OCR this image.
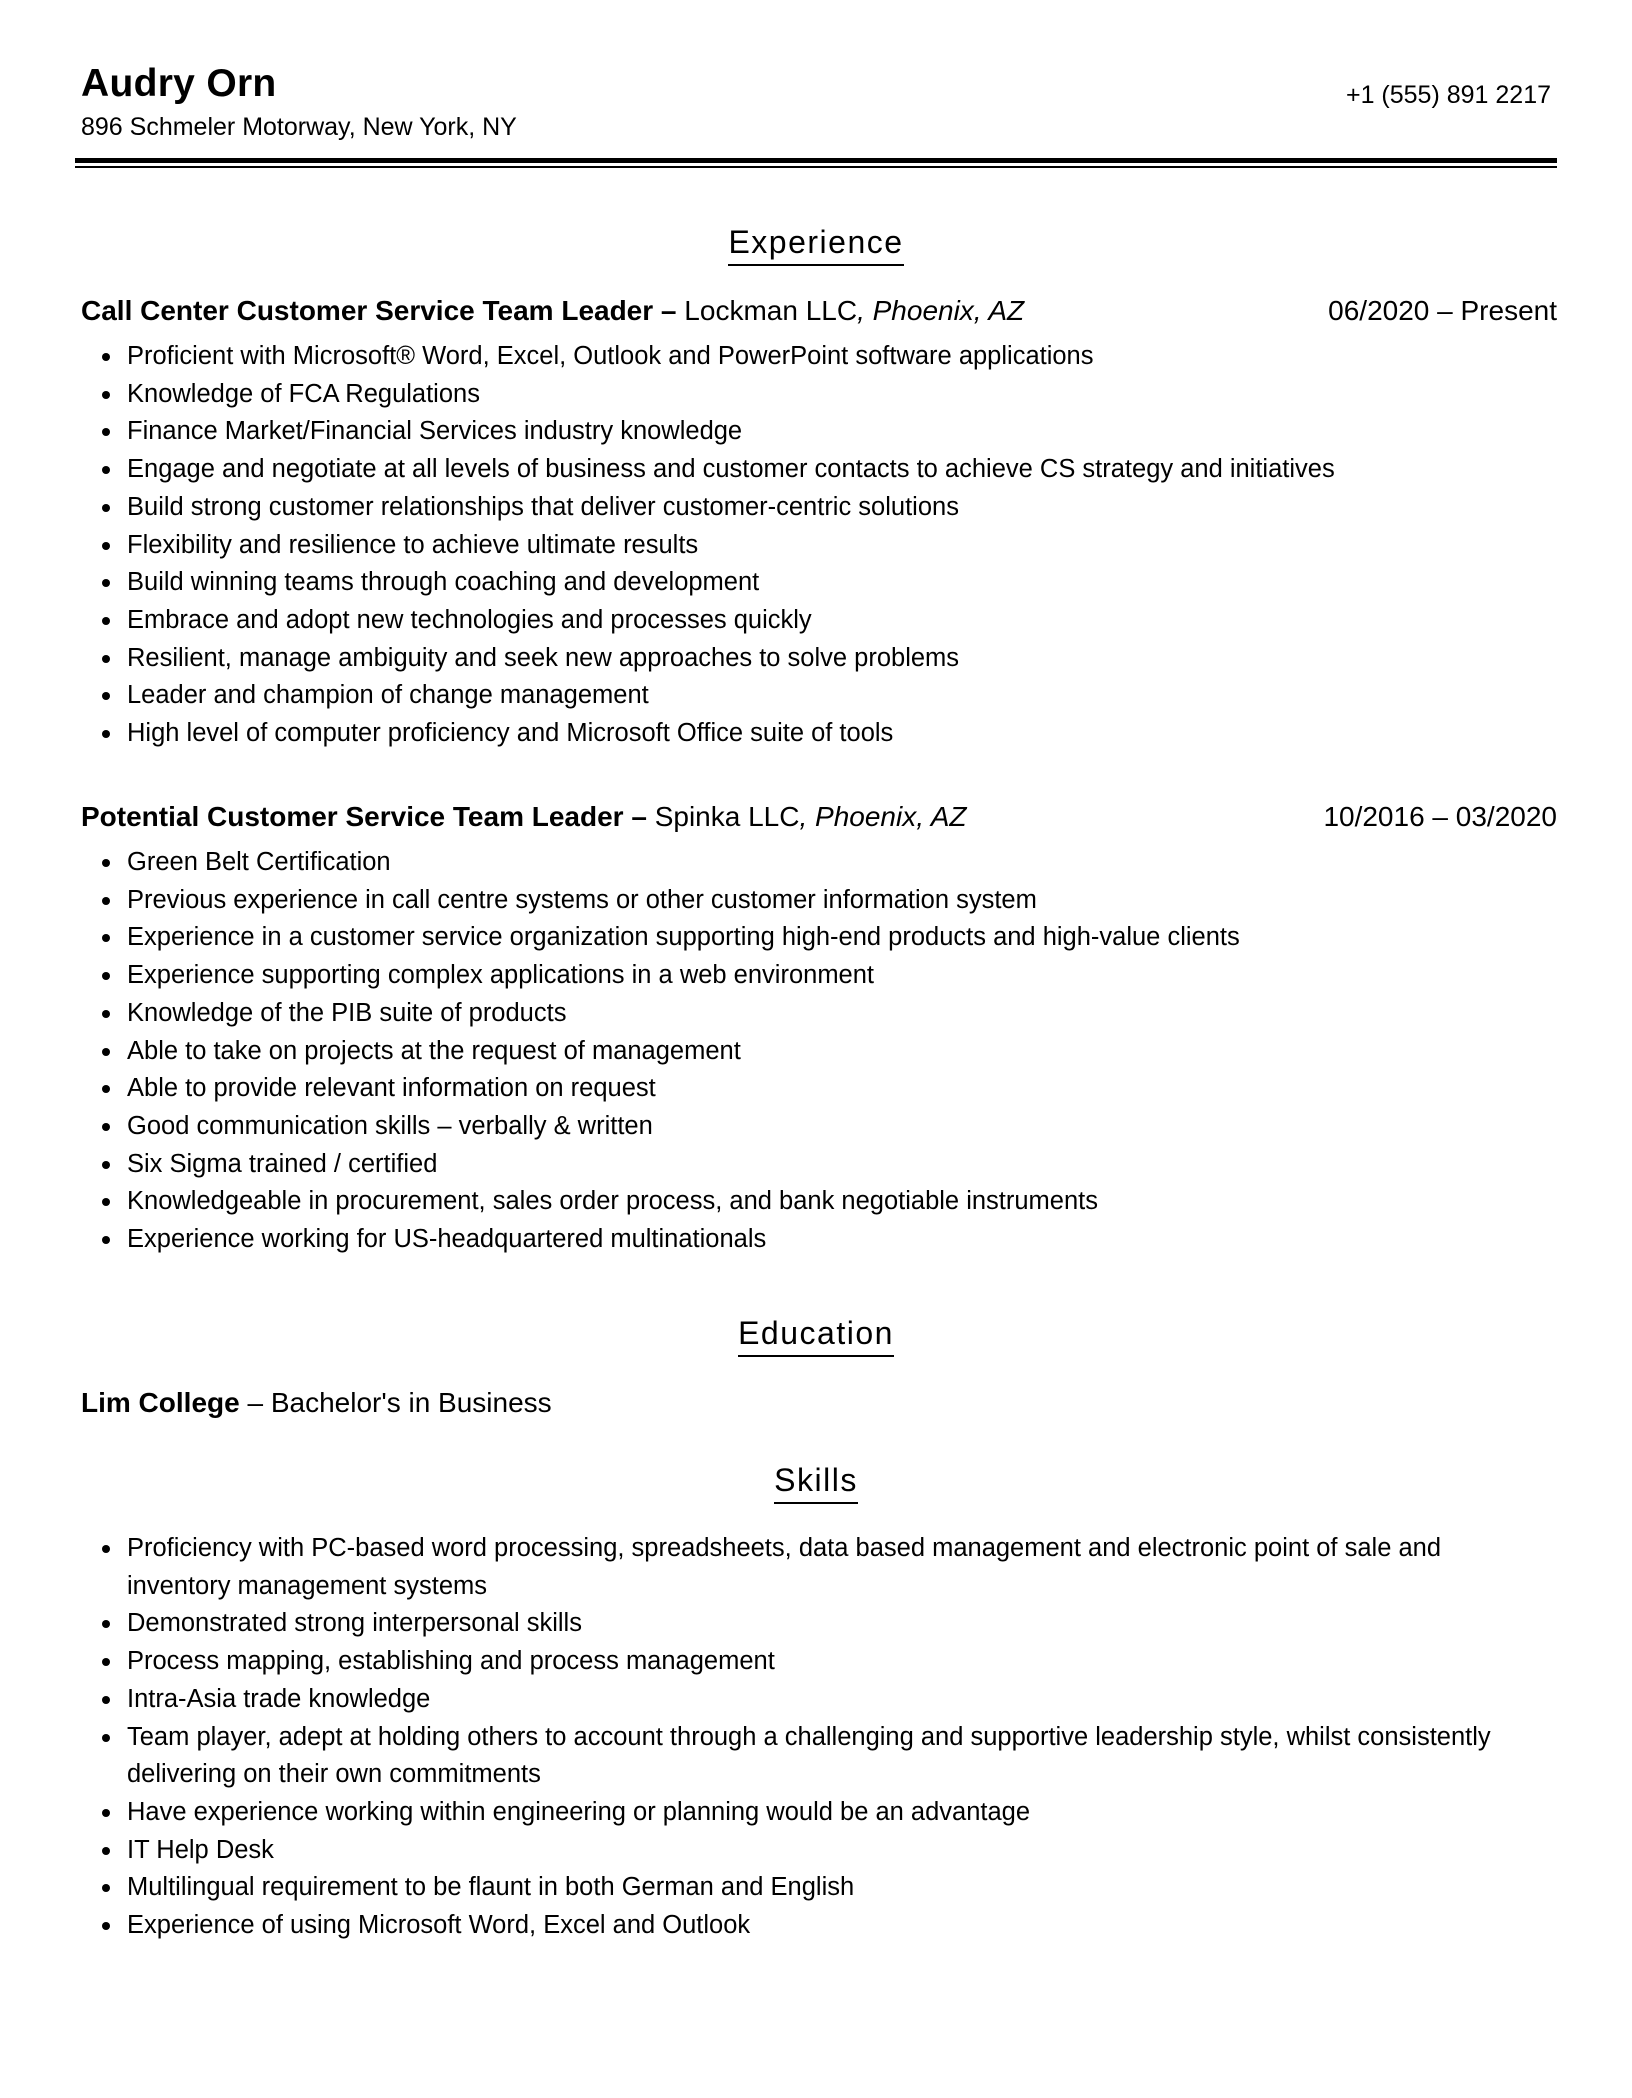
Audry Orn
896 Schmeler Motorway, New York, NY
+1 (555) 891 2217
Experience
Call Center Customer Service Team Leader – Lockman LLC, Phoenix, AZ	06/2020 – Present
Proficient with Microsoft® Word, Excel, Outlook and PowerPoint software applications
Knowledge of FCA Regulations
Finance Market/Financial Services industry knowledge
Engage and negotiate at all levels of business and customer contacts to achieve CS strategy and initiatives
Build strong customer relationships that deliver customer-centric solutions
Flexibility and resilience to achieve ultimate results
Build winning teams through coaching and development
Embrace and adopt new technologies and processes quickly
Resilient, manage ambiguity and seek new approaches to solve problems
Leader and champion of change management
High level of computer proficiency and Microsoft Office suite of tools
Potential Customer Service Team Leader – Spinka LLC, Phoenix, AZ	10/2016 – 03/2020
Green Belt Certification
Previous experience in call centre systems or other customer information system
Experience in a customer service organization supporting high-end products and high-value clients
Experience supporting complex applications in a web environment
Knowledge of the PIB suite of products
Able to take on projects at the request of management
Able to provide relevant information on request
Good communication skills – verbally & written
Six Sigma trained / certified
Knowledgeable in procurement, sales order process, and bank negotiable instruments
Experience working for US-headquartered multinationals
Education
Lim College – Bachelor's in Business
Skills
Proficiency with PC-based word processing, spreadsheets, data based management and electronic point of sale and inventory management systems
Demonstrated strong interpersonal skills
Process mapping, establishing and process management
Intra-Asia trade knowledge
Team player, adept at holding others to account through a challenging and supportive leadership style, whilst consistently delivering on their own commitments
Have experience working within engineering or planning would be an advantage
IT Help Desk
Multilingual requirement to be flaunt in both German and English
Experience of using Microsoft Word, Excel and Outlook
